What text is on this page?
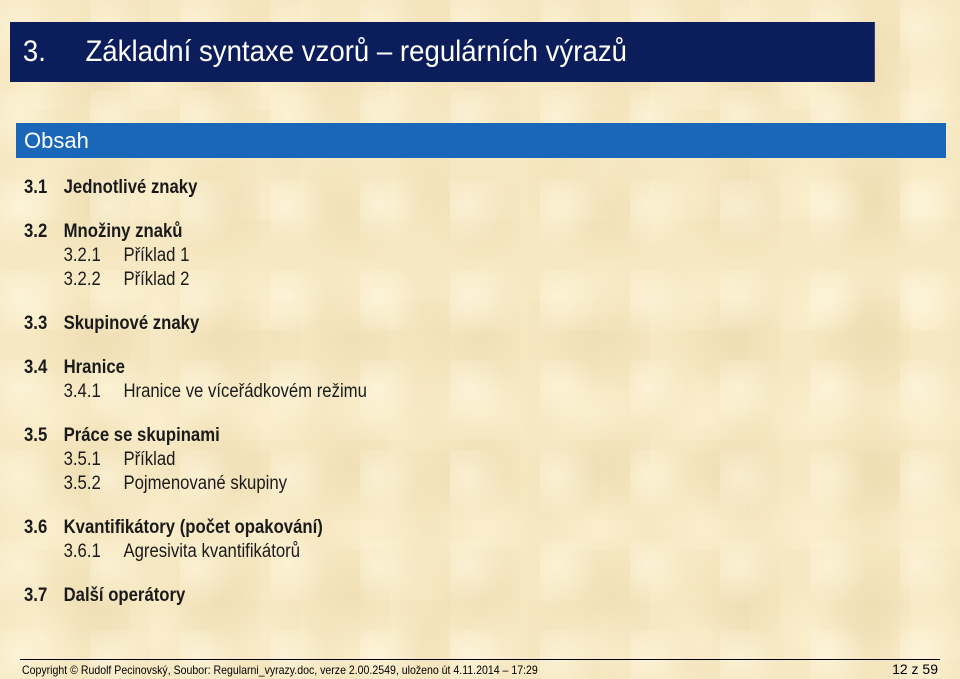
3.	Základní syntaxe vzorů – regulárních výrazů
Obsah
3.1 Jednotlivé znaky
3.2 Množiny znaků
3.2.1	Příklad 1
3.2.2	Příklad 2
3.3 Skupinové znaky
3.4 Hranice
3.4.1	Hranice ve víceřádkovém režimu
3.5 Práce se skupinami
3.5.1	Příklad
3.5.2	Pojmenované skupiny
3.6 Kvantifikátory (počet opakování)
3.6.1	Agresivita kvantifikátorů
3.7 Další operátory
Copyright © Rudolf Pecinovský, Soubor: Regularni_vyrazy.doc, verze 2.00.2549, uloženo út 4.11.2014 – 17:29	12 z 59
